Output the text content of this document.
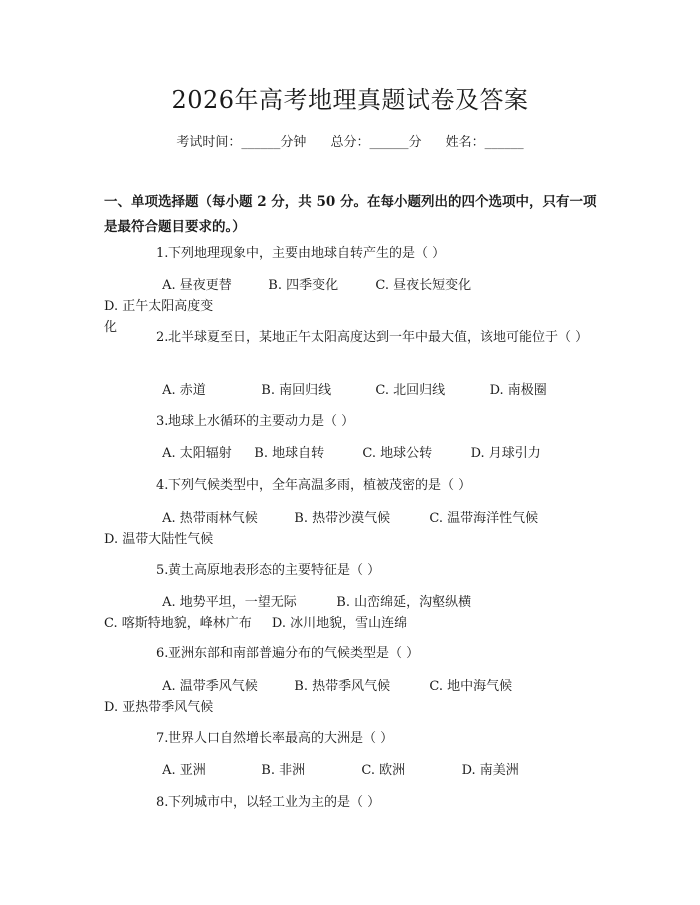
2026年高考地理真题试卷及答案
考试时间：______分钟 总分：______分 姓名：______
一、单项选择题（每小题 2 分，共 50 分。在每小题列出的四个选项中，只有一项是最符合题目要求的。）
1.下列地理现象中，主要由地球自转产生的是（ ）
A. 昼夜更替	B. 四季变化	C. 昼夜长短变化 D. 正午太阳高度变化
2.北半球夏至日，某地正午太阳高度达到一年中最大值，该地可能位于（ ）
A. 赤道	B. 南回归线	C. 北回归线	D. 南极圈
3.地球上水循环的主要动力是（ ）
A. 太阳辐射 B. 地球自转	C. 地球公转	D. 月球引力
4.下列气候类型中，全年高温多雨，植被茂密的是（ ）
A. 热带雨林气候	B. 热带沙漠气候	C. 温带海洋性气候 D. 温带大陆性气候
5.黄土高原地表形态的主要特征是（ ）
A. 地势平坦，一望无际	B. 山峦绵延，沟壑纵横 C. 喀斯特地貌，峰林广布 D. 冰川地貌，雪山连绵
6.亚洲东部和南部普遍分布的气候类型是（ ）
A. 温带季风气候	B. 热带季风气候	C. 地中海气候 D. 亚热带季风气候
7.世界人口自然增长率最高的大洲是（ ）
A. 亚洲	B. 非洲	C. 欧洲	D. 南美洲
8.下列城市中，以轻工业为主的是（ ）
